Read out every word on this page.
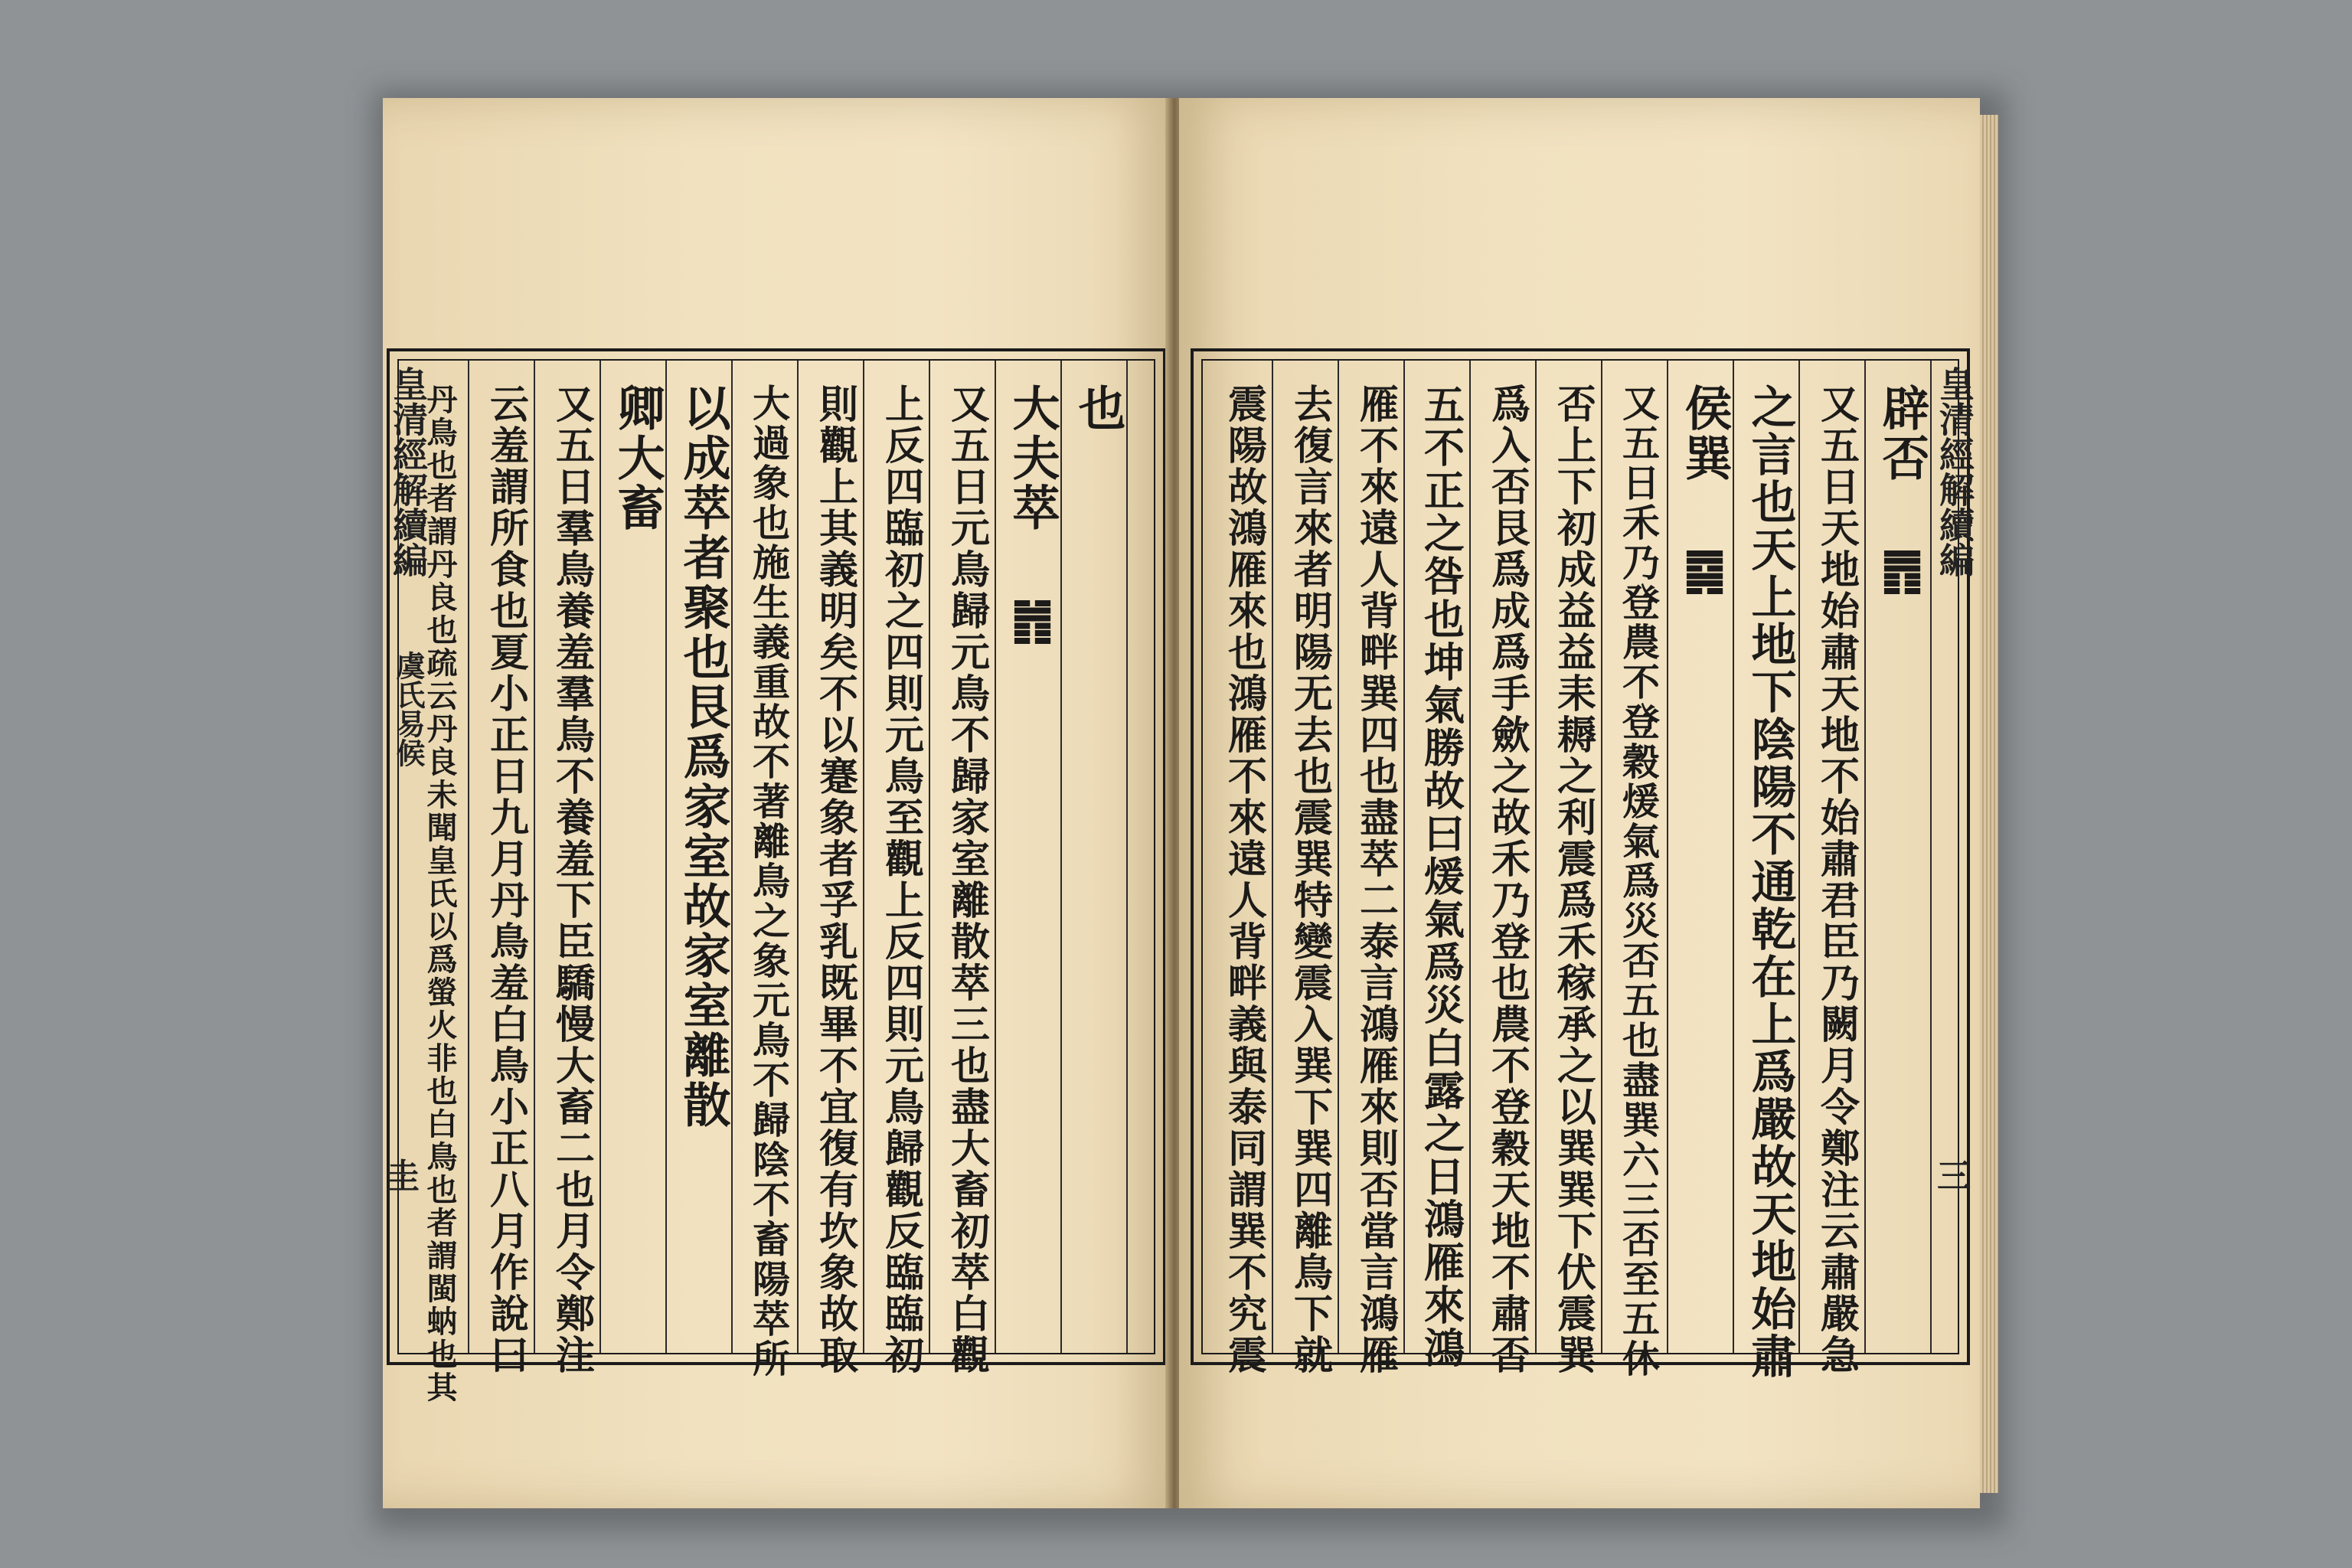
也
大夫萃 ䷬
又五日元鳥歸元鳥不歸家室離散萃三也盡大畜初萃白觀
上反四臨初之四則元鳥至觀上反四則元鳥歸觀反臨臨初
則觀上其義明矣不以蹇象者孚乳既畢不宜復有坎象故取
大過象也施生義重故不著離鳥之象元鳥不歸陰不畜陽萃所
以成萃者聚也艮爲家室故家室離散
卿大畜
又五日羣鳥養羞羣鳥不養羞下臣驕慢大畜二也月令鄭注
云羞謂所食也夏小正日九月丹鳥羞白鳥小正八月作說曰
丹鳥也者謂丹良也疏云丹良未聞皇氏以爲螢火非也白鳥也者謂閩蚋也其
皇清經解續編
虞氏易候
圭
辟否 ䷋
又五日天地始肅天地不始肅君臣乃闕月令鄭注云肅嚴急
之言也天上地下陰陽不通乾在上爲嚴故天地始肅
侯巽 ䷸
又五日禾乃登農不登穀煖氣爲災否五也盡巽六三否至五休
否上下初成益益耒耨之利震爲禾稼承之以巽巽下伏震巽
爲入否艮爲成爲手歛之故禾乃登也農不登穀天地不肅否
五不正之咎也坤氣勝故曰煖氣爲災白露之日鴻雁來鴻
雁不來遠人背畔巽四也盡萃二泰言鴻雁來則否當言鴻雁
去復言來者明陽无去也震巽特變震入巽下巽四離鳥下就
震陽故鴻雁來也鴻雁不來遠人背畔義與泰同謂巽不究震	皇清經解續編
三
